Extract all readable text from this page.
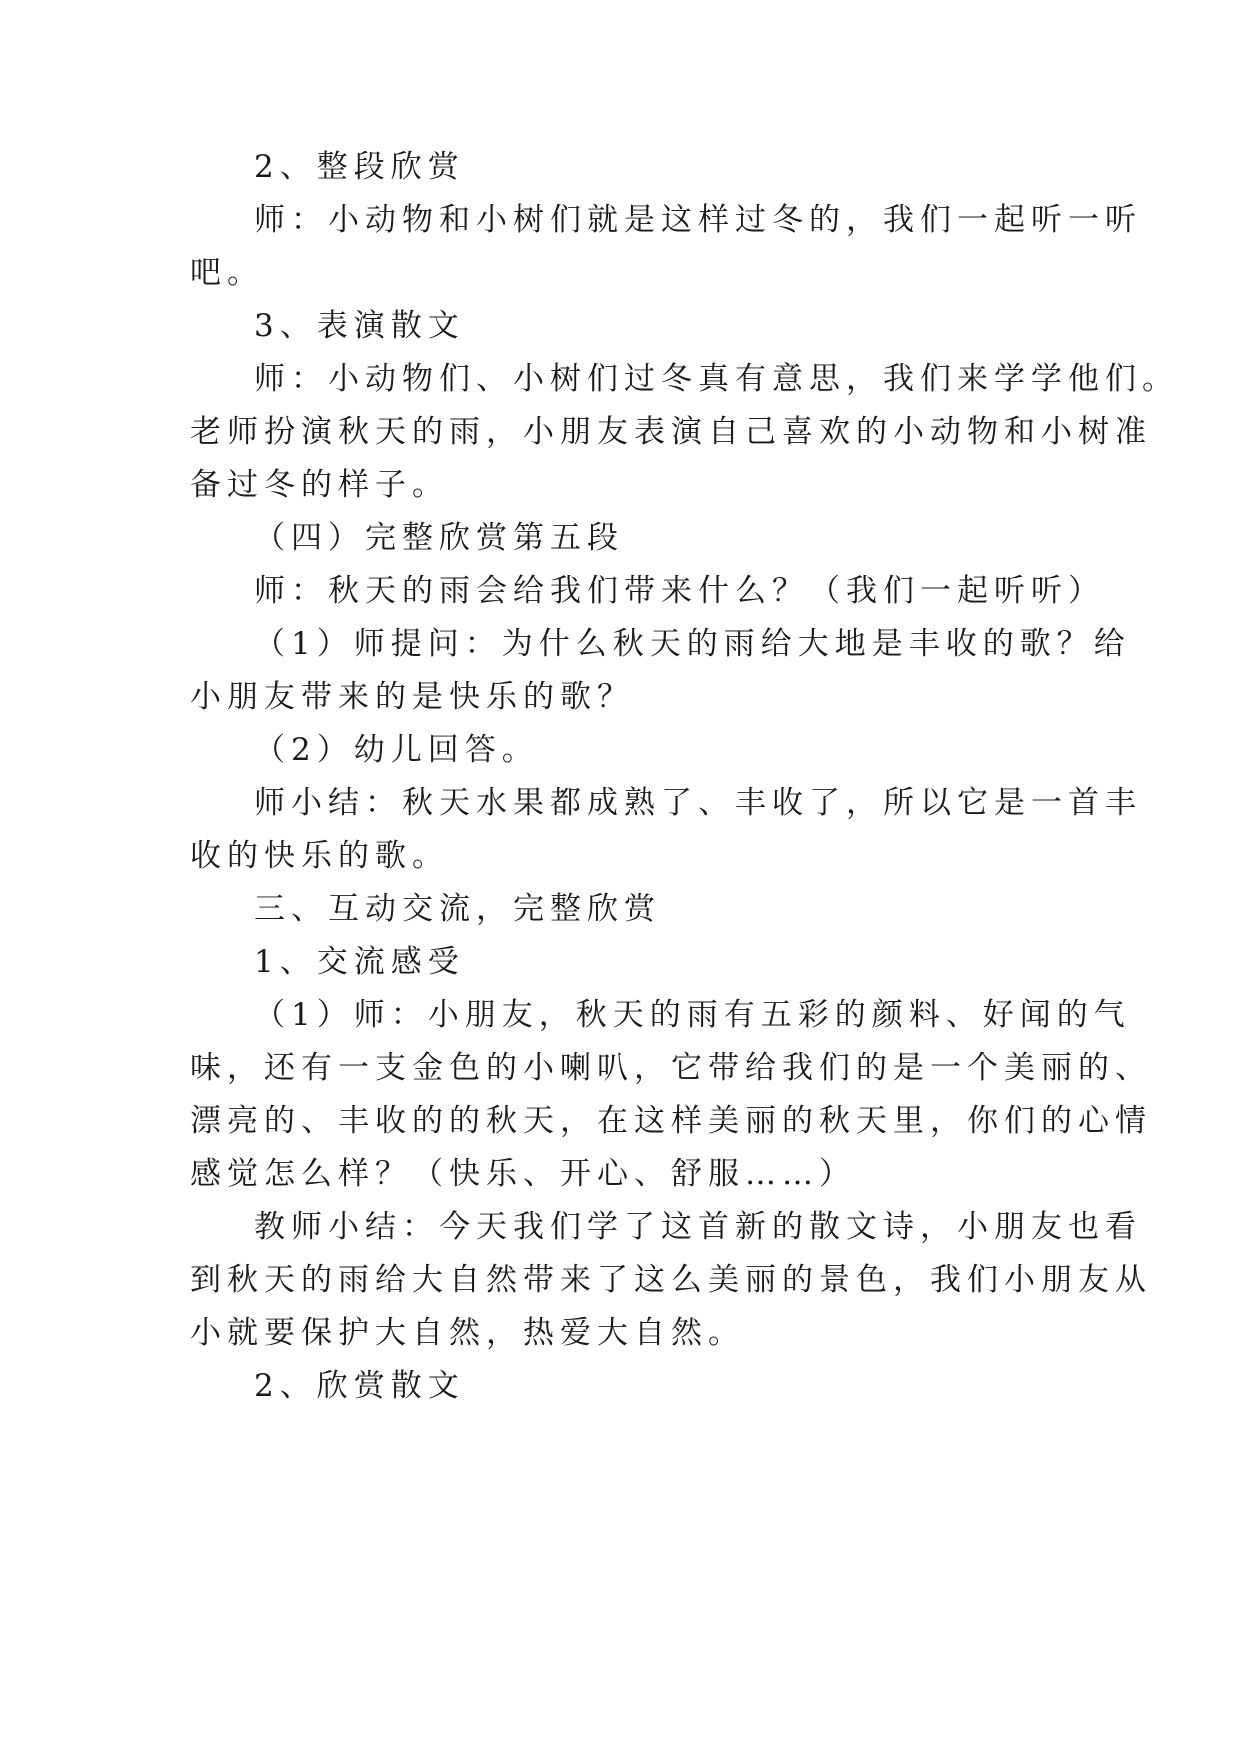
2、整段欣赏
师：小动物和小树们就是这样过冬的，我们一起听一听
吧。
3、表演散文
师：小动物们、小树们过冬真有意思，我们来学学他们。
老师扮演秋天的雨，小朋友表演自己喜欢的小动物和小树准
备过冬的样子。
（四）完整欣赏第五段
师：秋天的雨会给我们带来什么？（我们一起听听）
（1）师提问：为什么秋天的雨给大地是丰收的歌？给
小朋友带来的是快乐的歌？
（2）幼儿回答。
师小结：秋天水果都成熟了、丰收了，所以它是一首丰
收的快乐的歌。
三、互动交流，完整欣赏
1、交流感受
（1）师：小朋友，秋天的雨有五彩的颜料、好闻的气
味，还有一支金色的小喇叭，它带给我们的是一个美丽的、
漂亮的、丰收的的秋天，在这样美丽的秋天里，你们的心情
感觉怎么样？（快乐、开心、舒服……）
教师小结：今天我们学了这首新的散文诗，小朋友也看
到秋天的雨给大自然带来了这么美丽的景色，我们小朋友从
小就要保护大自然，热爱大自然。
2、欣赏散文
